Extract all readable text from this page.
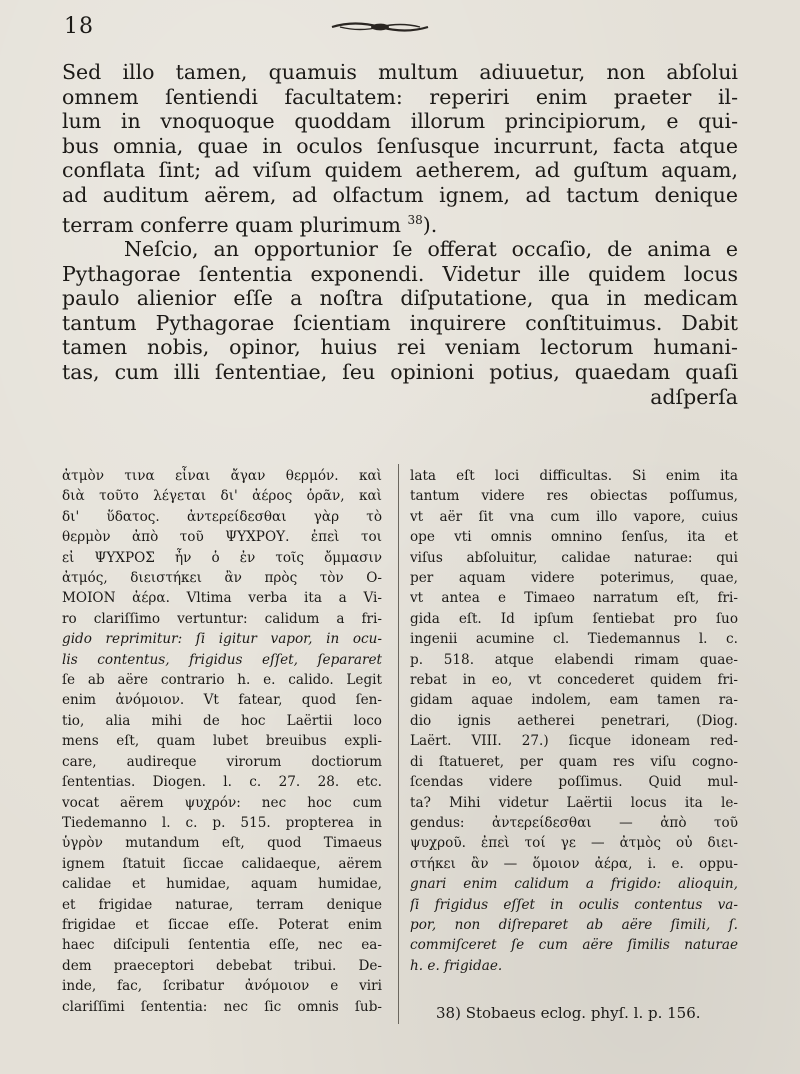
18
Sed illo tamen, quamuis multum adiuuetur, non abſolui
omnem ſentiendi facultatem: reperiri enim praeter il-
lum in vnoquoque quoddam illorum principiorum, e qui-
bus omnia, quae in oculos ſenſusque incurrunt, facta atque
conflata ſint; ad viſum quidem aetherem, ad guſtum aquam,
ad auditum aërem, ad olfactum ignem, ad tactum denique
terram conferre quam plurimum $^{38}$).
Neſcio, an opportunior ſe offerat occaſio, de anima e
Pythagorae ſententia exponendi. Videtur ille quidem locus
paulo alienior eſſe a noſtra diſputatione, qua in medicam
tantum Pythagorae ſcientiam inquirere conſtituimus. Dabit
tamen nobis, opinor, huius rei veniam lectorum humani-
tas, cum illi ſententiae, ſeu opinioni potius, quaedam quaſi
adſperſa
ἀτμὸν τινα εἶναι ἄγαν θερμόν. καὶ
διὰ τοῦτο λέγεται δι' ἀέρος ὁρᾶν, καὶ
δι' ὕδατος. ἀντερείδεσθαι γὰρ τὸ
θερμὸν ἀπὸ τοῦ ΨΥΧΡΟΥ. ἐπεὶ τοι
εἰ ΨΥΧΡΟΣ ἦν ὁ ἐν τοῖς ὄμμασιν
ἀτμός, διειστήκει ἂν πρὸς τὸν Ο-
ΜΟΙΟΝ ἀέρα. Vltima verba ita a Vi-
ro clariſſimo vertuntur: calidum a fri-
gido reprimitur: ſi igitur vapor, in ocu-
lis contentus, frigidus eſſet, ſepararet
ſe ab aëre contrario h. e. calido. Legit
enim ἀνόμοιον. Vt fatear, quod ſen-
tio, alia mihi de hoc Laërtii loco
mens eſt, quam lubet breuibus expli-
care, audireque virorum doctiorum
ſententias. Diogen. l. c. 27. 28. etc.
vocat aërem ψυχρόν: nec hoc cum
Tiedemanno l. c. p. 515. propterea in
ὑγρὸν mutandum eſt, quod Timaeus
ignem ſtatuit ſiccae calidaeque, aërem
calidae et humidae, aquam humidae,
et frigidae naturae, terram denique
frigidae et ſiccae eſſe. Poterat enim
haec diſcipuli ſententia eſſe, nec ea-
dem praeceptori debebat tribui. De-
inde, fac, ſcribatur ἀνόμοιον e viri
clariſſimi ſententia: nec ſic omnis ſub-
lata eſt loci difficultas. Si enim ita
tantum videre res obiectas poſſumus,
vt aër ſit vna cum illo vapore, cuius
ope vti omnis omnino ſenſus, ita et
viſus abſoluitur, calidae naturae: qui
per aquam videre poterimus, quae,
vt antea e Timaeo narratum eſt, fri-
gida eſt. Id ipſum ſentiebat pro ſuo
ingenii acumine cl. Tiedemannus l. c.
p. 518. atque elabendi rimam quae-
rebat in eo, vt concederet quidem fri-
gidam aquae indolem, eam tamen ra-
dio ignis aetherei penetrari, (Diog.
Laërt. VIII. 27.) ſicque idoneam red-
di ſtatueret, per quam res viſu cogno-
ſcendas videre poſſimus. Quid mul-
ta? Mihi videtur Laërtii locus ita le-
gendus: ἀντερείδεσθαι — ἀπὸ τοῦ
ψυχροῦ. ἐπεὶ τοί γε — ἀτμὸς οὐ διει-
στήκει ἂν — ὅμοιον ἀέρα, i. e. oppu-
gnari enim calidum a frigido: alioquin,
ſi frigidus eſſet in oculis contentus va-
por, non diſreparet ab aëre ſimili, ſ.
commiſceret ſe cum aëre ſimilis naturae
h. e. frigidae.
38) Stobaeus eclog. phyſ. l. p. 156.
